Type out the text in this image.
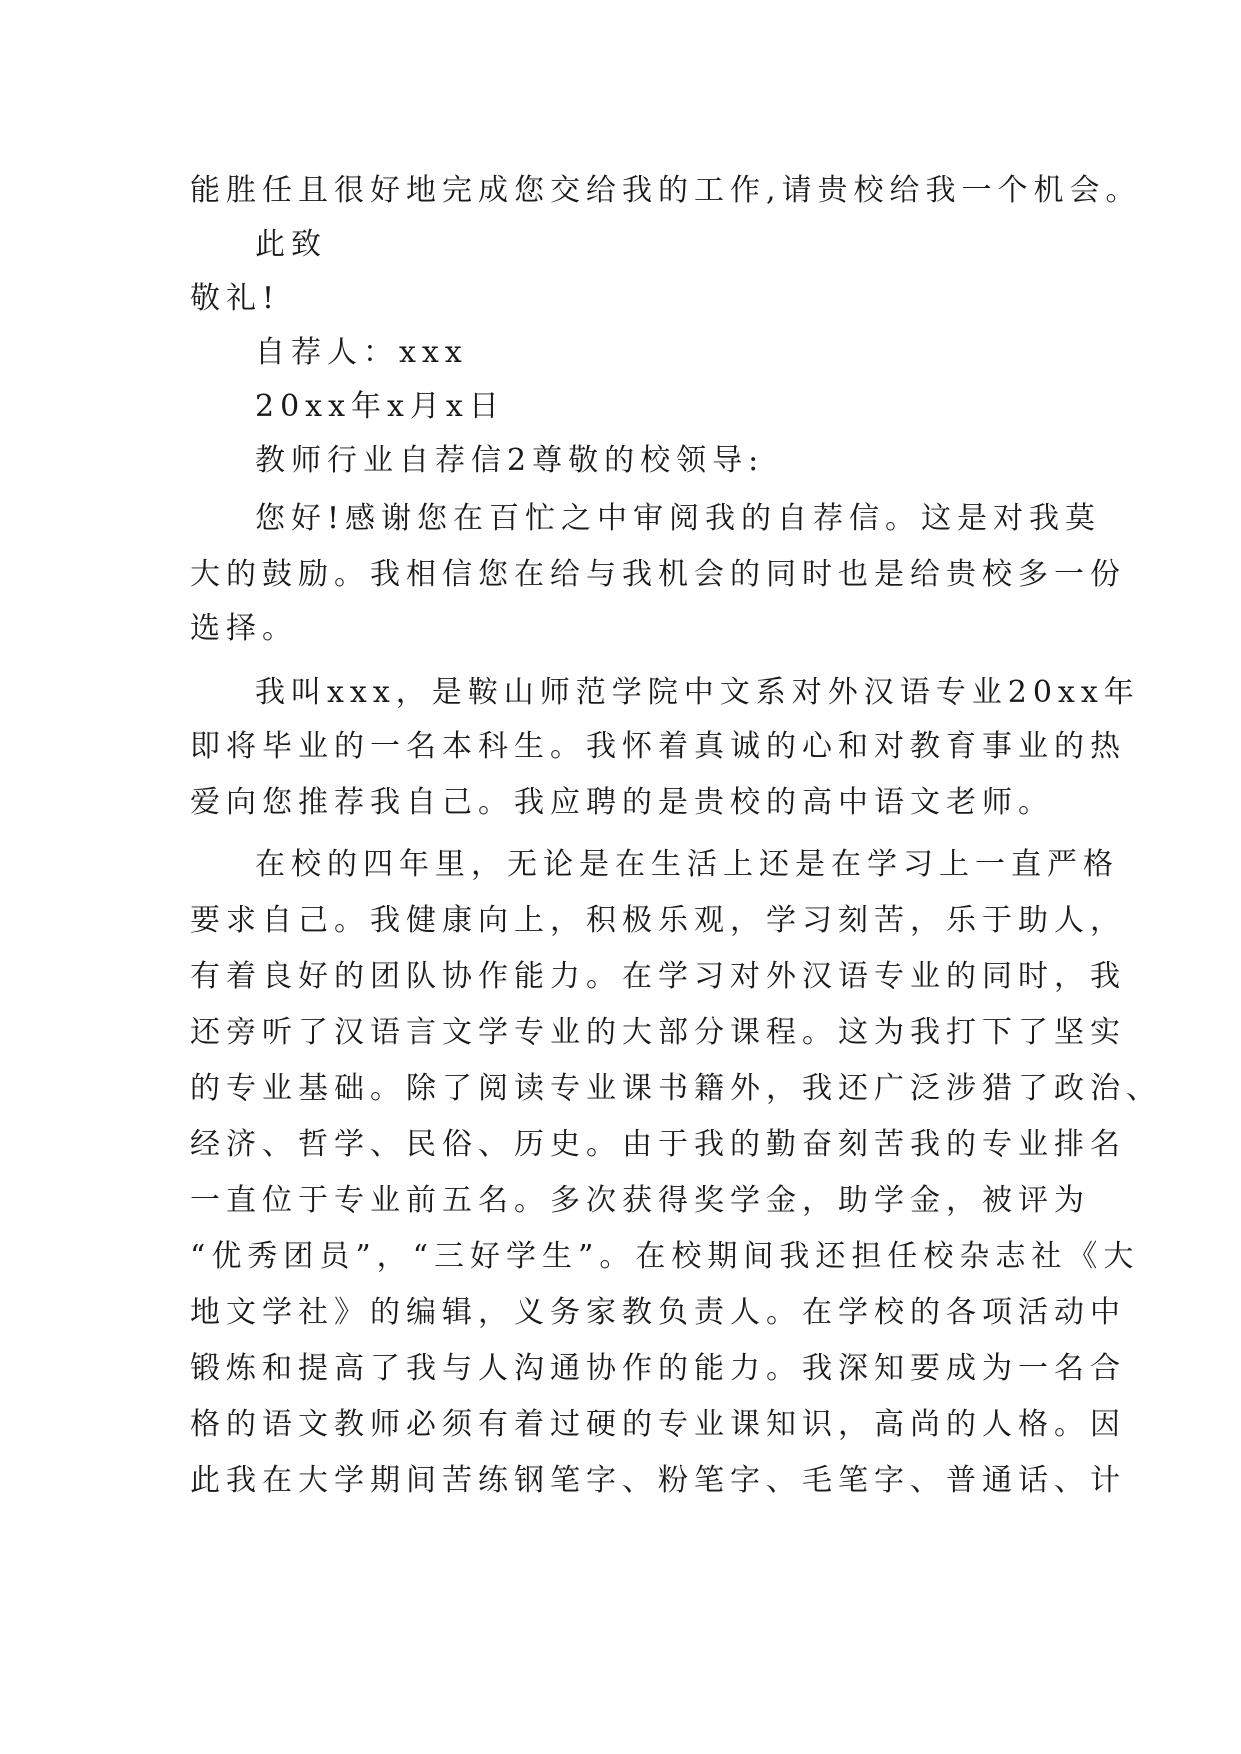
能胜任且很好地完成您交给我的工作,请贵校给我一个机会。
此致
敬礼!
自荐人：xxx
20xx年x月x日
教师行业自荐信2尊敬的校领导:
您好!感谢您在百忙之中审阅我的自荐信。这是对我莫
大的鼓励。我相信您在给与我机会的同时也是给贵校多一份
选择。
我叫xxx，是鞍山师范学院中文系对外汉语专业20xx年
即将毕业的一名本科生。我怀着真诚的心和对教育事业的热
爱向您推荐我自己。我应聘的是贵校的高中语文老师。
在校的四年里，无论是在生活上还是在学习上一直严格
要求自己。我健康向上，积极乐观，学习刻苦，乐于助人，
有着良好的团队协作能力。在学习对外汉语专业的同时，我
还旁听了汉语言文学专业的大部分课程。这为我打下了坚实
的专业基础。除了阅读专业课书籍外，我还广泛涉猎了政治、
经济、哲学、民俗、历史。由于我的勤奋刻苦我的专业排名
一直位于专业前五名。多次获得奖学金，助学金，被评为
“优秀团员”，“三好学生”。在校期间我还担任校杂志社《大
地文学社》的编辑，义务家教负责人。在学校的各项活动中
锻炼和提高了我与人沟通协作的能力。我深知要成为一名合
格的语文教师必须有着过硬的专业课知识，高尚的人格。因
此我在大学期间苦练钢笔字、粉笔字、毛笔字、普通话、计
